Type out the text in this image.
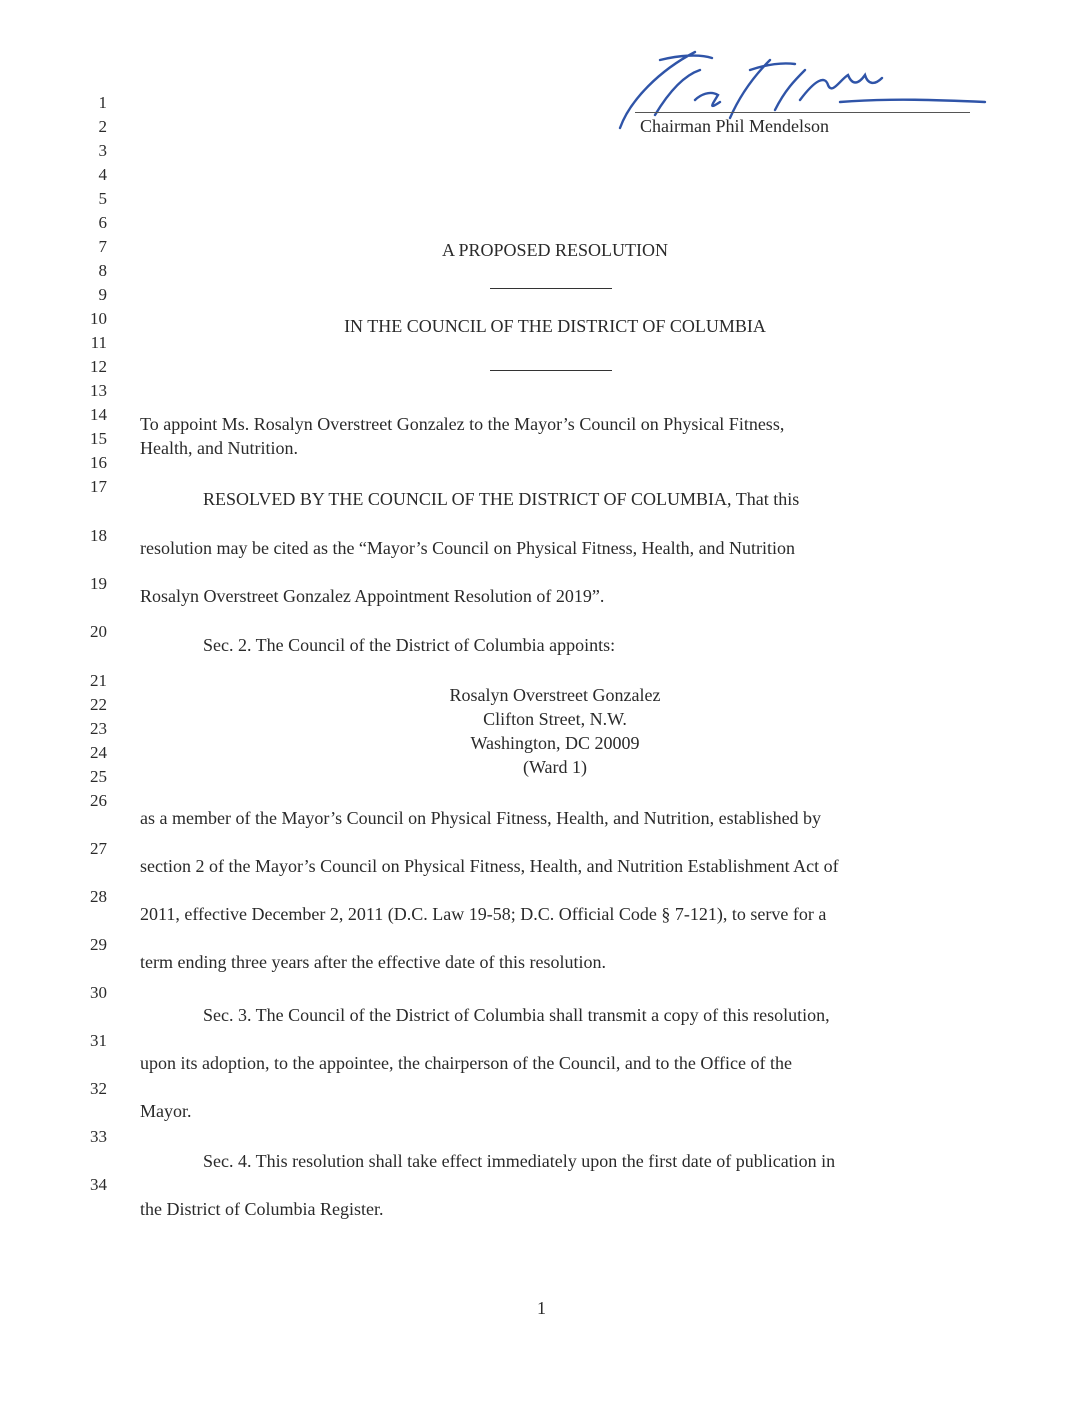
Chairman Phil Mendelson
1
2
3
4
5
6
7
8
9
10
11
12
13
14
15
16
17
18
19
20
21
22
23
24
25
26
27
28
29
30
31
32
33
34
A PROPOSED RESOLUTION
IN THE COUNCIL OF THE DISTRICT OF COLUMBIA
To appoint Ms. Rosalyn Overstreet Gonzalez to the Mayor’s Council on Physical Fitness,
Health, and Nutrition.
RESOLVED BY THE COUNCIL OF THE DISTRICT OF COLUMBIA, That this
resolution may be cited as the “Mayor’s Council on Physical Fitness, Health, and Nutrition
Rosalyn Overstreet Gonzalez Appointment Resolution of 2019”.
Sec. 2. The Council of the District of Columbia appoints:
Rosalyn Overstreet Gonzalez
Clifton Street, N.W.
Washington, DC 20009
(Ward 1)
as a member of the Mayor’s Council on Physical Fitness, Health, and Nutrition, established by
section 2 of the Mayor’s Council on Physical Fitness, Health, and Nutrition Establishment Act of
2011, effective December 2, 2011 (D.C. Law 19-58; D.C. Official Code § 7-121), to serve for a
term ending three years after the effective date of this resolution.
Sec. 3. The Council of the District of Columbia shall transmit a copy of this resolution,
upon its adoption, to the appointee, the chairperson of the Council, and to the Office of the
Mayor.
Sec. 4. This resolution shall take effect immediately upon the first date of publication in
the District of Columbia Register.
1
